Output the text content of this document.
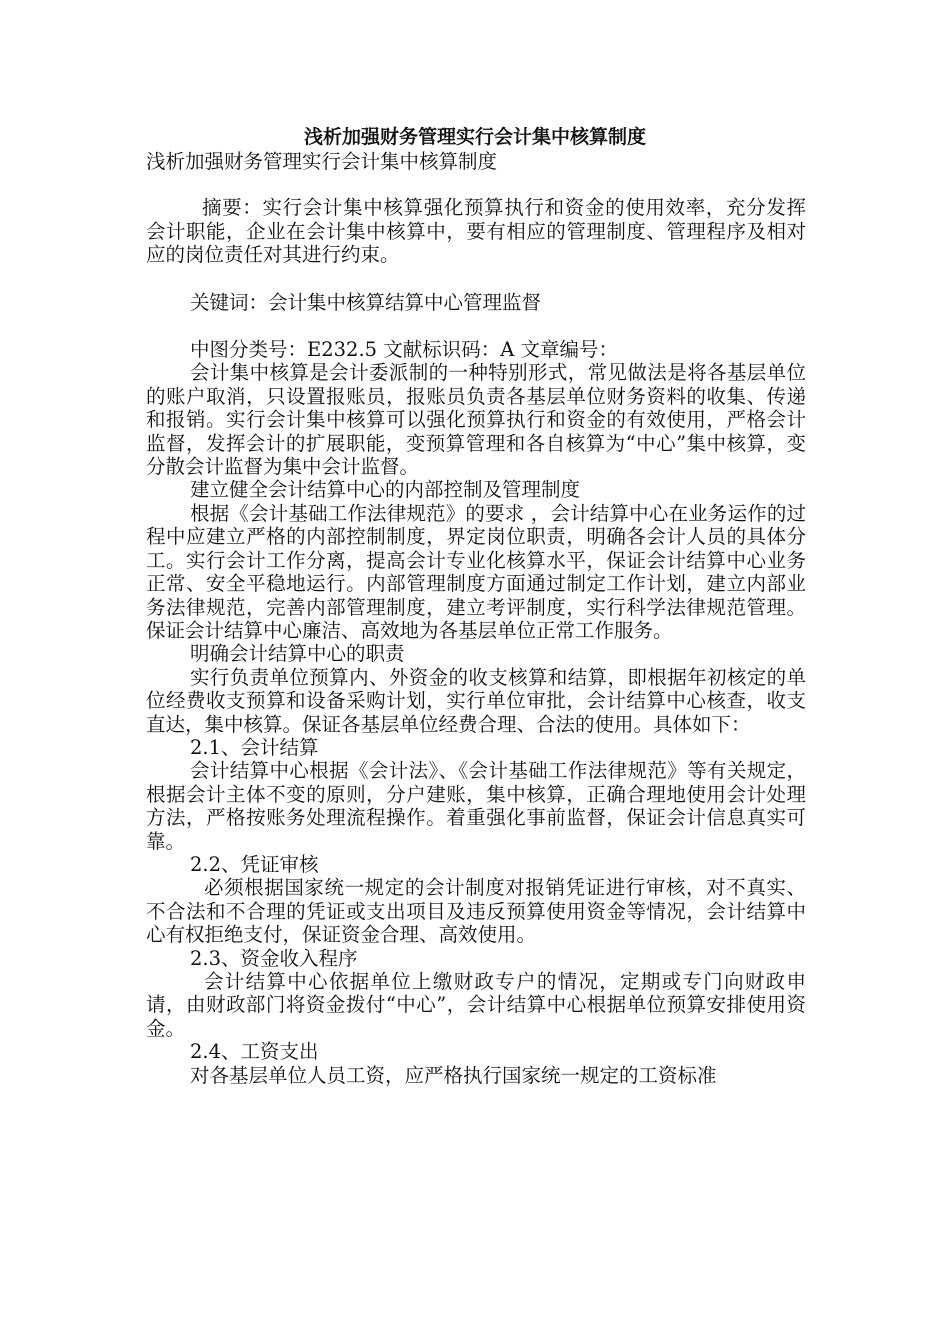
浅析加强财务管理实行会计集中核算制度

浅析加强财务管理实行会计集中核算制度

摘要：实行会计集中核算强化预算执行和资金的使用效率，充分发挥会计职能，企业在会计集中核算中，要有相应的管理制度、管理程序及相对应的岗位责任对其进行约束。

关键词：会计集中核算结算中心管理监督

中图分类号：E232.5 文献标识码：A 文章编号：

会计集中核算是会计委派制的一种特别形式，常见做法是将各基层单位的账户取消，只设置报账员，报账员负责各基层单位财务资料的收集、传递和报销。实行会计集中核算可以强化预算执行和资金的有效使用，严格会计监督，发挥会计的扩展职能，变预算管理和各自核算为“中心”集中核算，变分散会计监督为集中会计监督。

建立健全会计结算中心的内部控制及管理制度

根据《会计基础工作法律规范》的要求 ，会计结算中心在业务运作的过程中应建立严格的内部控制制度，界定岗位职责，明确各会计人员的具体分工。实行会计工作分离，提高会计专业化核算水平，保证会计结算中心业务正常、安全平稳地运行。内部管理制度方面通过制定工作计划，建立内部业务法律规范，完善内部管理制度，建立考评制度，实行科学法律规范管理。保证会计结算中心廉洁、高效地为各基层单位正常工作服务。

明确会计结算中心的职责

实行负责单位预算内、外资金的收支核算和结算，即根据年初核定的单位经费收支预算和设备采购计划，实行单位审批，会计结算中心核查，收支直达，集中核算。保证各基层单位经费合理、合法的使用。具体如下：

2.1、会计结算

会计结算中心根据《会计法》、《会计基础工作法律规范》等有关规定，根据会计主体不变的原则，分户建账，集中核算，正确合理地使用会计处理方法，严格按账务处理流程操作。着重强化事前监督，保证会计信息真实可靠。

2.2、凭证审核

必须根据国家统一规定的会计制度对报销凭证进行审核，对不真实、不合法和不合理的凭证或支出项目及违反预算使用资金等情况，会计结算中心有权拒绝支付，保证资金合理、高效使用。

2.3、资金收入程序

会计结算中心依据单位上缴财政专户的情况，定期或专门向财政申请，由财政部门将资金拨付“中心”，会计结算中心根据单位预算安排使用资金。

2.4、工资支出

对各基层单位人员工资，应严格执行国家统一规定的工资标准
